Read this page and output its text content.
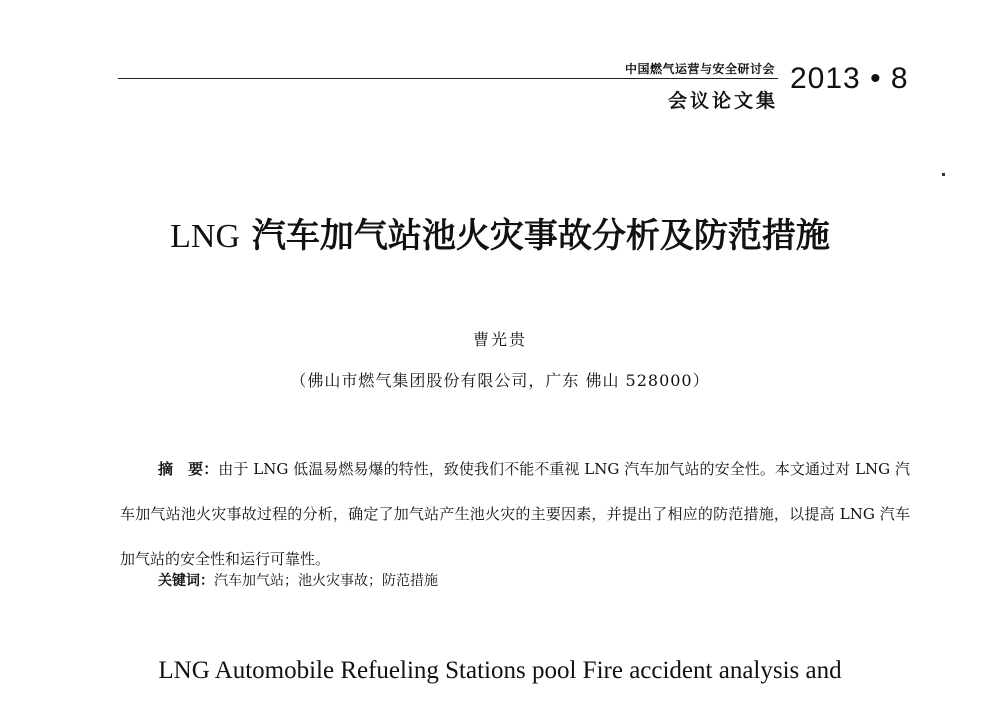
中国燃气运营与安全研讨会
会议论文集
2013 • 8
LNG 汽车加气站池火灾事故分析及防范措施
曹光贵
（佛山市燃气集团股份有限公司，广东 佛山 528000）
摘　要：由于 LNG 低温易燃易爆的特性，致使我们不能不重视 LNG 汽车加气站的安全性。本文通过对 LNG 汽车加气站池火灾事故过程的分析，确定了加气站产生池火灾的主要因素，并提出了相应的防范措施，以提高 LNG 汽车加气站的安全性和运行可靠性。
关键词：汽车加气站；池火灾事故；防范措施
LNG Automobile Refueling Stations pool Fire accident analysis and
